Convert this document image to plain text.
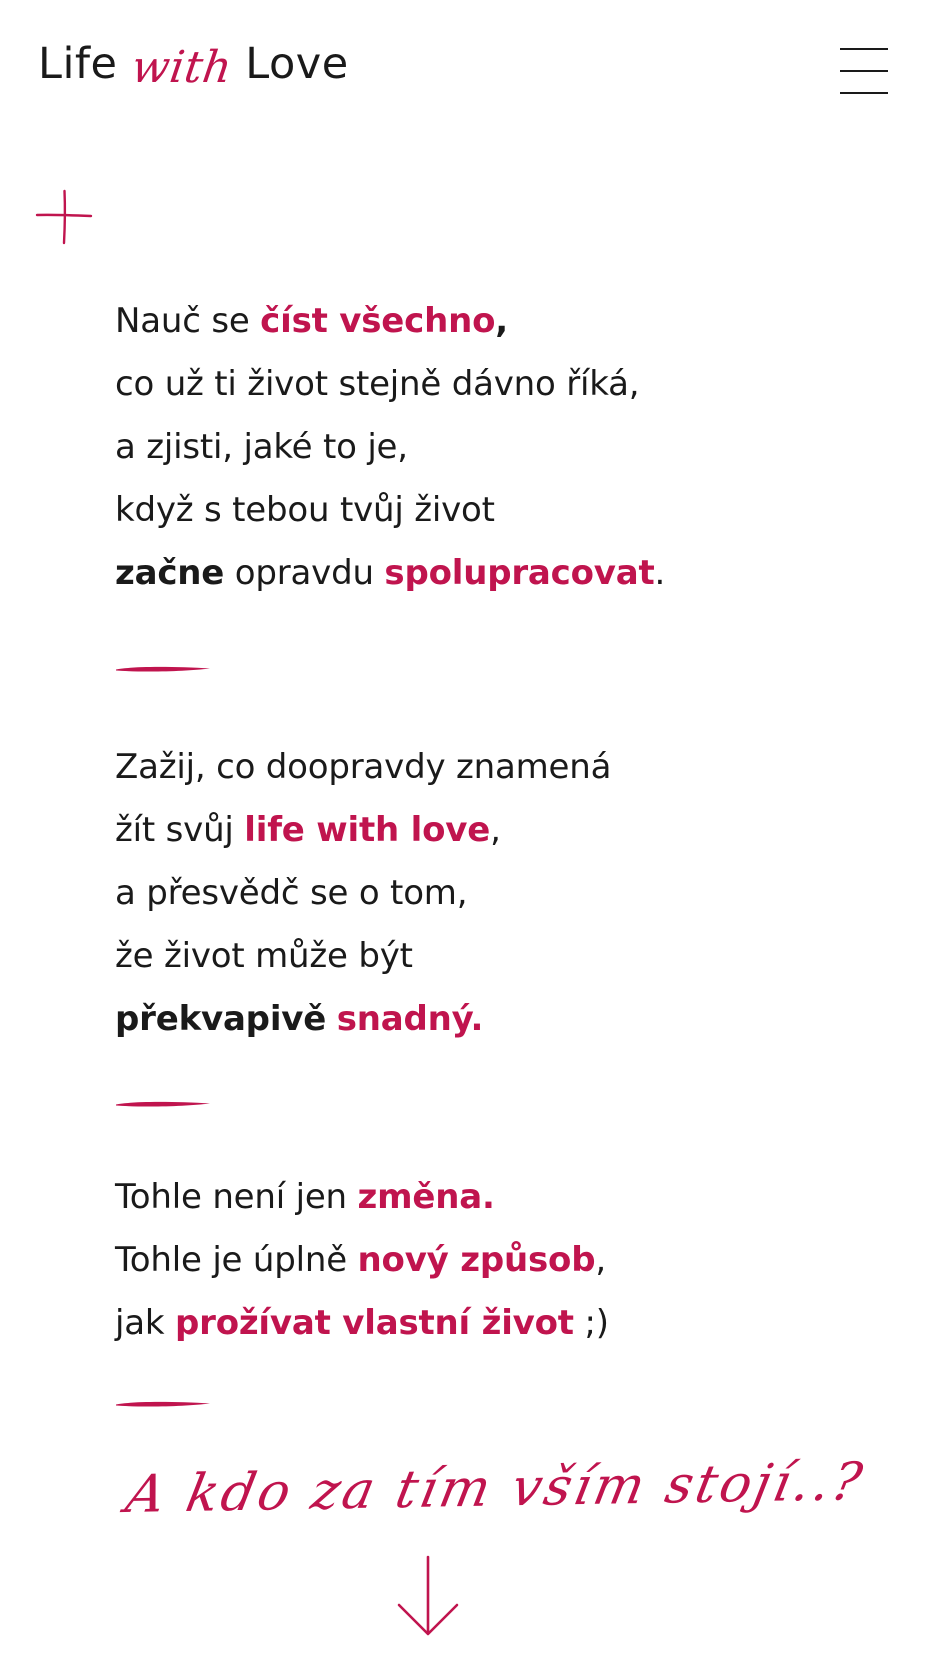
Life with Love
Nauč se číst všechno,
co už ti život stejně dávno říká,
a zjisti, jaké to je,
když s tebou tvůj život
začne opravdu spolupracovat.
Zažij, co doopravdy znamená
žít svůj life with love,
a přesvědč se o tom,
že život může být
překvapivě snadný.
Tohle není jen změna.
Tohle je úplně nový způsob,
jak prožívat vlastní život ;)
A kdo za tím vším stojí..?
